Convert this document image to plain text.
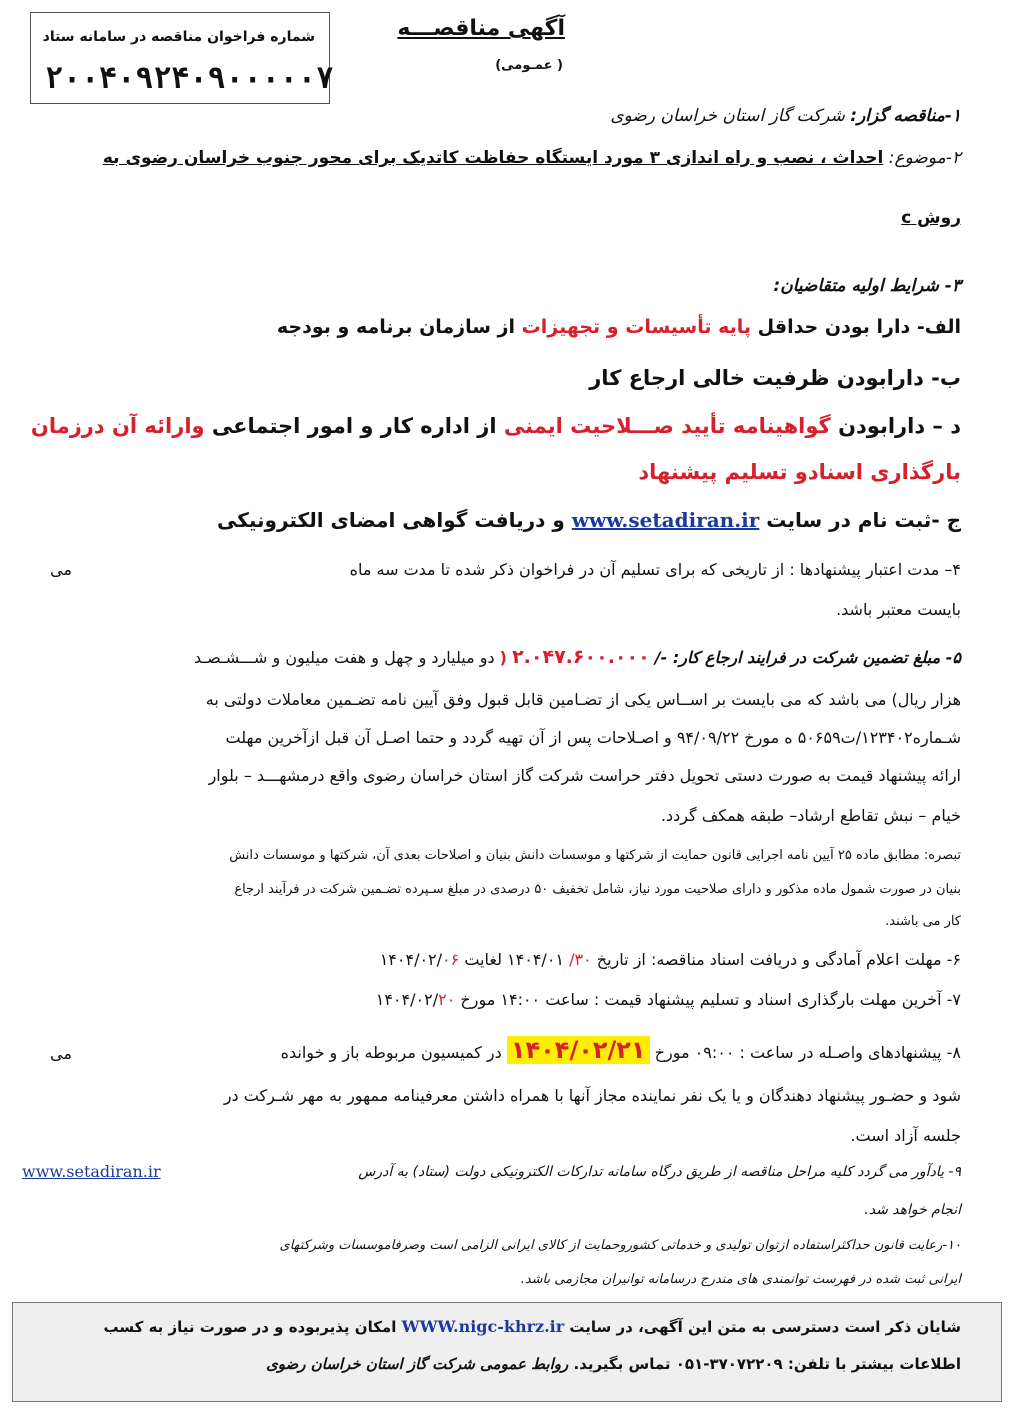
شماره فراخوان مناقصه در سامانه ستاد
۲۰۰۴۰۹۲۴۰۹۰۰۰۰۰۷
آگهی مناقصـــه
( عمـومی)
۱-مناقصه گزار: شرکت گاز استان خراسان رضوی
۲-موضوع: احداث ، نصب و راه اندازی ۳ مورد ایستگاه حفاظت کاتدیک برای محور جنوب خراسان رضوی به
روش c
۳- شرایط اولیه متقاضیان:
الف- دارا بودن حداقل پایه تأسیسات و تجهیزات از سازمان برنامه و بودجه
ب- دارابودن ظرفیت خالی ارجاع کار
د – دارابودن گواهینامه تأیید صـــلاحیت ایمنی از اداره کار و امور اجتماعی وارائه آن درزمان
بارگذاری اسنادو تسلیم پیشنهاد
ج -ثبت نام در سایت www.setadiran.ir و دریافت گواهی امضای الکترونیکی
۴– مدت اعتبار پیشنهادها : از تاریخی که برای تسلیم آن در فراخوان ذکر شده تا مدت سه ماه
می
بایست معتبر باشد.
۵- مبلغ تضمین شرکت در فرایند ارجاع کار: -/ ۲.۰۴۷.۶۰۰.۰۰۰ ( دو میلیارد و چهل و هفت میلیون و شـــشـصـد
هزار ریال) می باشد که می بایست بر اســاس یکی از تضـامین قابل قبول وفق آیین نامه تضـمین معاملات دولتی به
شـماره۱۲۳۴۰۲/ت۵۰۶۵۹ ه مورخ ۹۴/۰۹/۲۲ و اصـلاحات پس از آن تهیه گردد و حتما اصـل آن قبل ازآخرین مهلت
ارائه پیشنهاد قیمت به صورت دستی تحویل دفتر حراست شرکت گاز استان خراسان رضوی واقع درمشهـــد – بلوار
خیام – نبش تقاطع ارشاد– طبقه همکف گردد.
تبصره: مطابق ماده ۲۵ آیین نامه اجرایی قانون حمایت از شرکتها و موسسات دانش بنیان و اصلاحات بعدی آن، شرکتها و موسسات دانش
بنیان در صورت شمول ماده مذکور و دارای صلاحیت مورد نیاز، شامل تخفیف ۵۰ درصدی در مبلغ سـپرده تضـمین شرکت در فرآیند ارجاع
کار می باشند.
۶- مهلت اعلام آمادگی و دریافت اسناد مناقصه: از تاریخ ۳۰/ ۱۴۰۴/۰۱ لغایت ۱۴۰۴/۰۲/۰۶
۷- آخرین مهلت بارگذاری اسناد و تسلیم پیشنهاد قیمت : ساعت ۱۴:۰۰ مورخ ۱۴۰۴/۰۲/۲۰
۸- پیشنهادهای واصـله در ساعت : ۰۹:۰۰ مورخ ۱۴۰۴/۰۲/۲۱ در کمیسیون مربوطه باز و خوانده
می
شود و حضـور پیشنهاد دهندگان و یا یک نفر نماینده مجاز آنها با همراه داشتن معرفینامه ممهور به مهر شـرکت در
جلسه آزاد است.
۹- یادآور می گردد کلیه مراحل مناقصه از طریق درگاه سامانه تدارکات الکترونیکی دولت (ستاد) به آدرس
www.setadiran.ir
انجام خواهد شد.
۱۰-رعایت قانون حداکثراستفاده ازتوان تولیدی و خدماتی کشوروحمایت از کالای ایرانی الزامی است وصرفاموسسات وشرکتهای
ایرانی ثبت شده در فهرست توانمندی های مندرج درسامانه توانیران مجازمی باشد.
شایان ذکر است دسترسی به متن این آگهی، در سایت WWW.nigc-khrz.ir امکان پذیربوده و در صورت نیاز به کسب
اطلاعات بیشتر با تلفن: ۰۵۱-۳۷۰۷۲۲۰۹ تماس بگیرید. روابط عمومی شرکت گاز استان خراسان رضوی
